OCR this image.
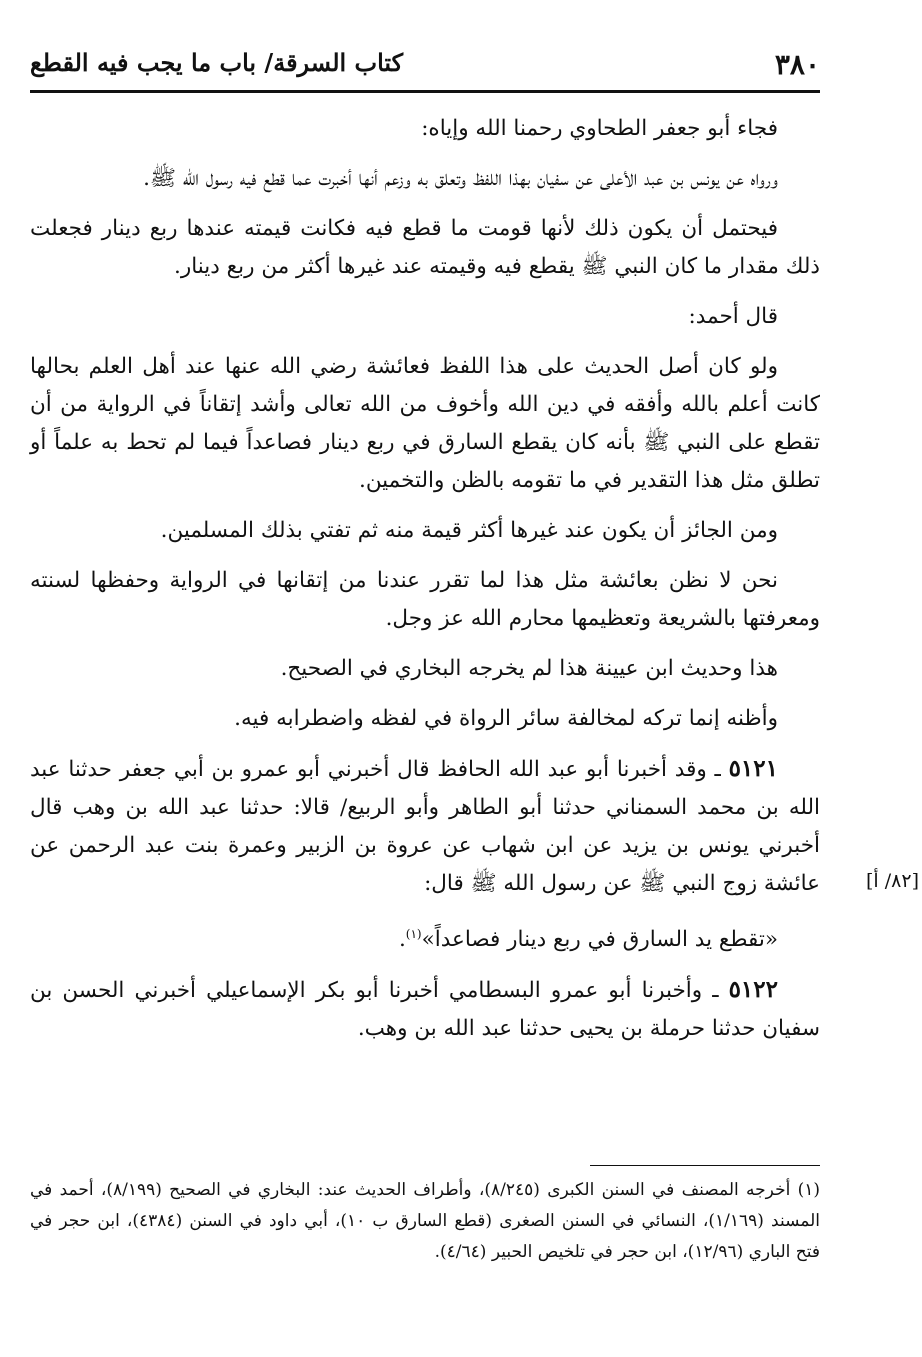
٣٨٠
كتاب السرقة/ باب ما يجب فيه القطع
[٨٢/ أ]

فجاء أبو جعفر الطحاوي رحمنا الله وإياه:

ورواه عن يونس بن عبد الأعلى عن سفيان بهذا اللفظ وتعلق به وزعم أنها أخبرت عما قطع فيه رسول الله ﷺ.

فيحتمل أن يكون ذلك لأنها قومت ما قطع فيه فكانت قيمته عندها ربع دينار فجعلت ذلك مقدار ما كان النبي ﷺ يقطع فيه وقيمته عند غيرها أكثر من ربع دينار.

قال أحمد:

ولو كان أصل الحديث على هذا اللفظ فعائشة رضي الله عنها عند أهل العلم بحالها كانت أعلم بالله وأفقه في دين الله وأخوف من الله تعالى وأشد إتقاناً في الرواية من أن تقطع على النبي ﷺ بأنه كان يقطع السارق في ربع دينار فصاعداً فيما لم تحط به علماً أو تطلق مثل هذا التقدير في ما تقومه بالظن والتخمين.

ومن الجائز أن يكون عند غيرها أكثر قيمة منه ثم تفتي بذلك المسلمين.

نحن لا نظن بعائشة مثل هذا لما تقرر عندنا من إتقانها في الرواية وحفظها لسنته ومعرفتها بالشريعة وتعظيمها محارم الله عز وجل.

هذا وحديث ابن عيينة هذا لم يخرجه البخاري في الصحيح.

وأظنه إنما تركه لمخالفة سائر الرواة في لفظه واضطرابه فيه.

٥١٢١ ـ وقد أخبرنا أبو عبد الله الحافظ قال أخبرني أبو عمرو بن أبي جعفر حدثنا عبد الله بن محمد السمناني حدثنا أبو الطاهر وأبو الربيع/ قالا: حدثنا عبد الله بن وهب قال أخبرني يونس بن يزيد عن ابن شهاب عن عروة بن الزبير وعمرة بنت عبد الرحمن عن عائشة زوج النبي ﷺ عن رسول الله ﷺ قال:

«تقطع يد السارق في ربع دينار فصاعداً»$^{(١)}$.

٥١٢٢ ـ وأخبرنا أبو عمرو البسطامي أخبرنا أبو بكر الإسماعيلي أخبرني الحسن بن سفيان حدثنا حرملة بن يحيى حدثنا عبد الله بن وهب.

(١) أخرجه المصنف في السنن الكبرى (٨/٢٤٥)، وأطراف الحديث عند: البخاري في الصحيح (٨/١٩٩)، أحمد في المسند (١/١٦٩)، النسائي في السنن الصغرى (قطع السارق ب ١٠)، أبي داود في السنن (٤٣٨٤)، ابن حجر في فتح الباري (١٢/٩٦)، ابن حجر في تلخيص الحبير (٤/٦٤).
